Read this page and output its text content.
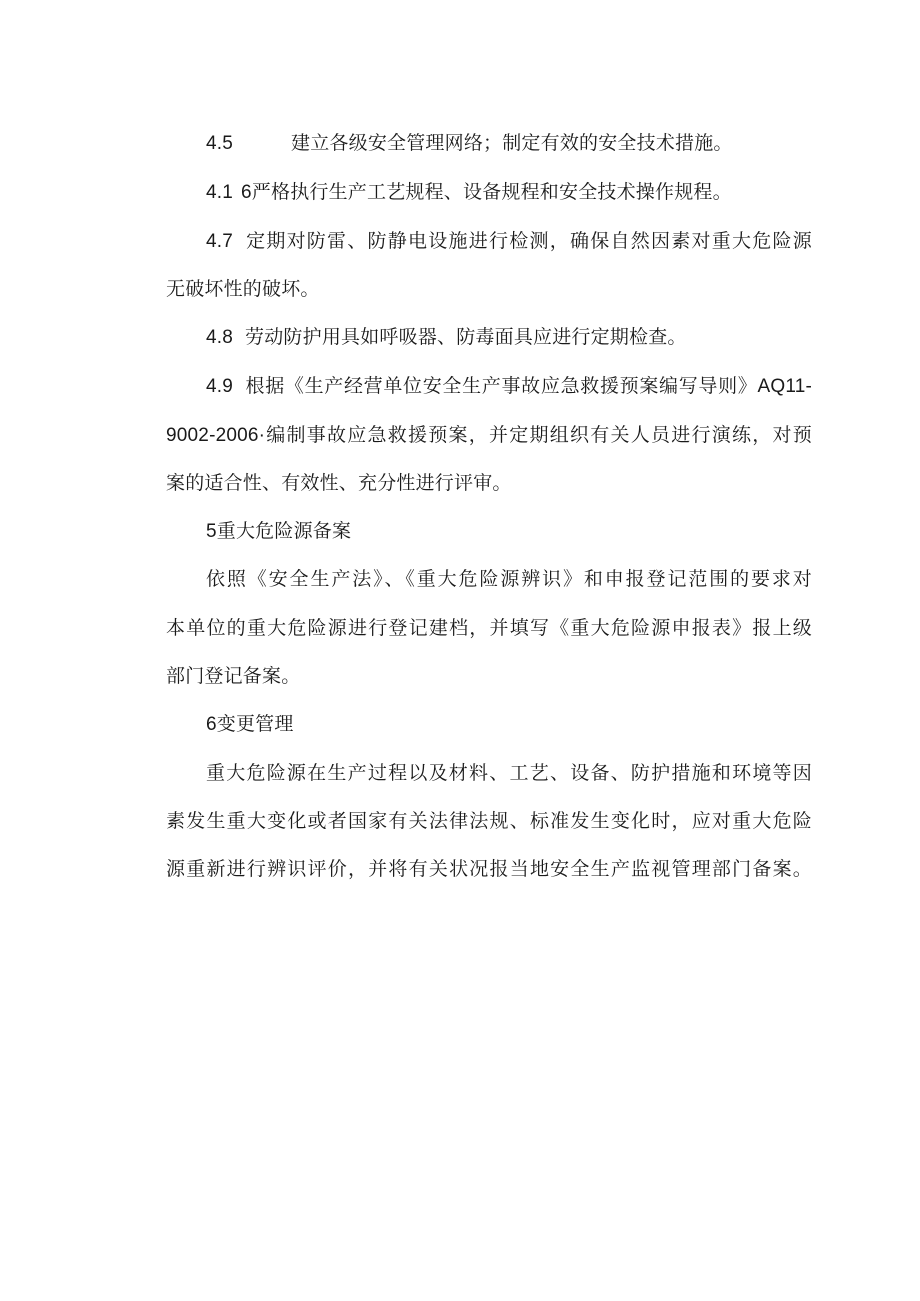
4.5	建立各级安全管理网络；制定有效的安全技术措施。
4.1 6严格执行生产工艺规程、设备规程和安全技术操作规程。
4.7 定期对防雷、防静电设施进行检测，确保自然因素对重大危险源
无破坏性的破坏。
4.8 劳动防护用具如呼吸器、防毒面具应进行定期检查。
4.9 根据《生产经营单位安全生产事故应急救援预案编写导则》AQ11-
9002-2006·编制事故应急救援预案，并定期组织有关人员进行演练，对预
案的适合性、有效性、充分性进行评审。
5重大危险源备案
依照《安全生产法》、《重大危险源辨识》和申报登记范围的要求对
本单位的重大危险源进行登记建档，并填写《重大危险源申报表》报上级
部门登记备案。
6变更管理
重大危险源在生产过程以及材料、工艺、设备、防护措施和环境等因
素发生重大变化或者国家有关法律法规、标准发生变化时，应对重大危险
源重新进行辨识评价，并将有关状况报当地安全生产监视管理部门备案。
